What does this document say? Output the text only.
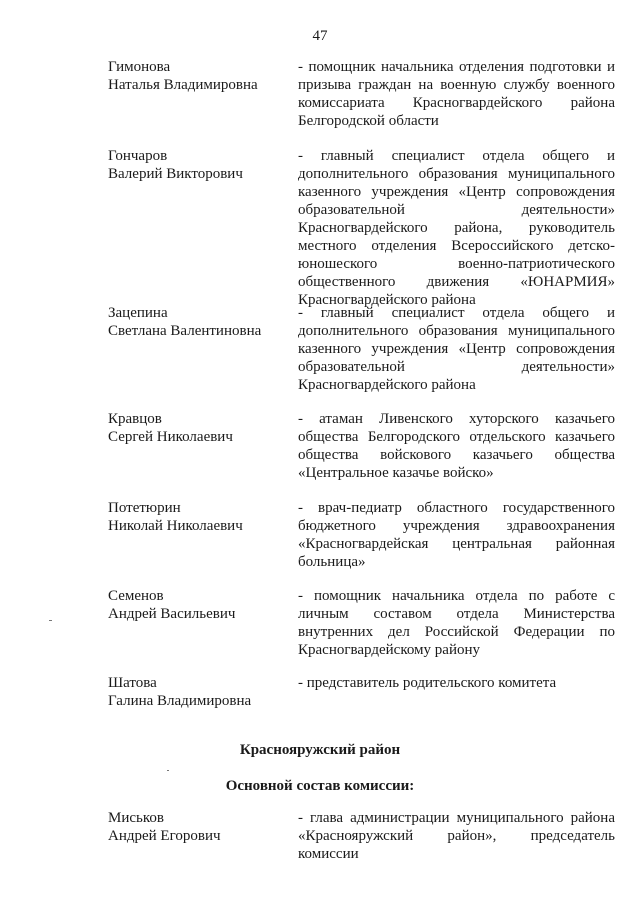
47
Гимонова
Наталья Владимировна
- помощник начальника отделения подготовки и призыва граждан на военную службу военного комиссариата Красногвардейского района Белгородской области
Гончаров
Валерий Викторович
- главный специалист отдела общего и дополнительного образования муниципального казенного учреждения «Центр сопровождения образовательной деятельности» Красногвардейского района, руководитель местного отделения Всероссийского детско-юношеского военно-патриотического общественного движения «ЮНАРМИЯ» Красногвардейского района
Зацепина
Светлана Валентиновна
- главный специалист отдела общего и дополнительного образования муниципального казенного учреждения «Центр сопровождения образовательной деятельности» Красногвардейского района
Кравцов
Сергей Николаевич
- атаман Ливенского хуторского казачьего общества Белгородского отдельского казачьего общества войскового казачьего общества «Центральное казачье войско»
Потетюрин
Николай Николаевич
- врач-педиатр областного государственного бюджетного учреждения здравоохранения «Красногвардейская центральная районная больница»
Семенов
Андрей Васильевич
- помощник начальника отдела по работе с личным составом отдела Министерства внутренних дел Российской Федерации по Красногвардейскому району
Шатова
Галина Владимировна
- представитель родительского комитета
Краснояружский район
Основной состав комиссии:
Миськов
Андрей Егорович
- глава администрации муниципального района «Краснояружский район», председатель комиссии
